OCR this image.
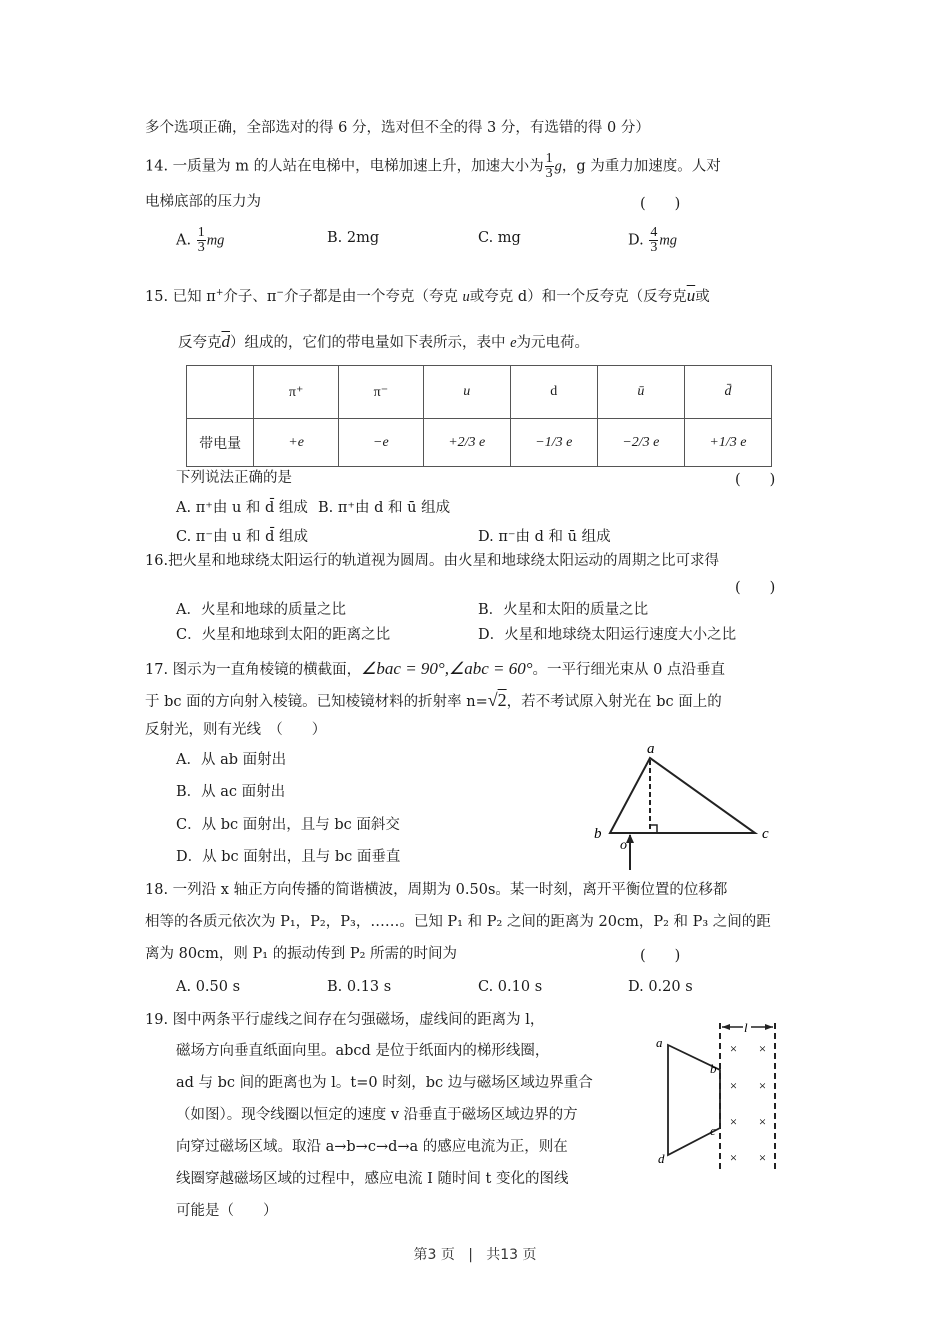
多个选项正确，全部选对的得 6 分，选对但不全的得 3 分，有选错的得 0 分）
14. 一质量为 m 的人站在电梯中，电梯加速上升，加速大小为 $\frac{1}{3}$ g，g 为重力加速度。人对
电梯底部的压力为	(　　)
A. $\frac{1}{3}$ mg	B. 2mg	C. mg	D. $\frac{4}{3}$ mg
15. 已知 π+介子、π−介子都是由一个夸克（夸克 u或夸克 d）和一个反夸克（反夸克$\overline{u}$或
反夸克$\overline{d}$）组成的，它们的带电量如下表所示，表中 e为元电荷。
	π⁺	π⁻	u	d	ū	d̄
带电量	+e	−e	+2/3 e	−1/3 e	−2/3 e	+1/3 e
下列说法正确的是	(　　)
A. π⁺由 u 和 d̄ 组成 B. π⁺由 d 和 ū 组成
C. π⁻由 u 和 d̄ 组成	D. π⁻由 d 和 ū 组成
16.把火星和地球绕太阳运行的轨道视为圆周。由火星和地球绕太阳运动的周期之比可求得
(　　)
A．火星和地球的质量之比	B．火星和太阳的质量之比
C．火星和地球到太阳的距离之比	D．火星和地球绕太阳运行速度大小之比
17. 图示为一直角棱镜的横截面，∠bac = 90°,∠abc = 60°。一平行细光束从 0 点沿垂直
于 bc 面的方向射入棱镜。已知棱镜材料的折射率 n=√2，若不考试原入射光在 bc 面上的
反射光，则有光线　（　　）
A．从 ab 面射出
B．从 ac 面射出
C．从 bc 面射出，且与 bc 面斜交
D．从 bc 面射出，且与 bc 面垂直
a
b	c
o
18. 一列沿 x 轴正方向传播的简谐横波，周期为 0.50s。某一时刻，离开平衡位置的位移都
相等的各质元依次为 P₁，P₂，P₃，……。已知 P₁ 和 P₂ 之间的距离为 20cm，P₂ 和 P₃ 之间的距
离为 80cm，则 P₁ 的振动传到 P₂ 所需的时间为	(　　)
A. 0.50 s	B. 0.13 s	C. 0.10 s	D. 0.20 s
19. 图中两条平行虚线之间存在匀强磁场，虚线间的距离为 l，
磁场方向垂直纸面向里。abcd 是位于纸面内的梯形线圈，
ad 与 bc 间的距离也为 l。t=0 时刻，bc 边与磁场区域边界重合
（如图）。现令线圈以恒定的速度 v 沿垂直于磁场区域边界的方
向穿过磁场区域。取沿 a→b→c→d→a 的感应电流为正，则在
线圈穿越磁场区域的过程中，感应电流 I 随时间 t 变化的图线
可能是（　　）
l
a
b
c
d
× ×
× ×
× ×
× ×
第3 页 | 共13 页
